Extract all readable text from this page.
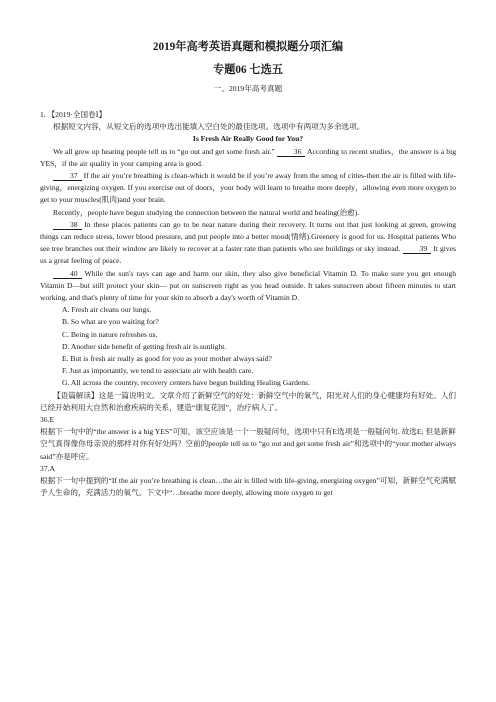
2019年高考英语真题和模拟题分项汇编
专题06 七选五
一、2019年高考真题

1. 【2019·全国卷Ⅰ】

根据短文内容，从短文后的选项中选出能填入空白处的最佳选项。选项中有两项为多余选项。

Is Fresh Air Really Good for You?

We all grew up hearing people tell us to “go out and get some fresh air.” 36 According to recent studies，the answer is a big YES，if the air quality in your camping area is good.

37 If the air you’re breathing is clean-which it would be if you’re away from the smog of cities-then the air is filled with life-giving，energizing oxygen. If you exercise out of doors，your body will learn to breathe more deeply，allowing even more oxygen to get to your muscles(肌肉)and your brain.

Recently，people have begun studying the connection between the natural world and healing(治愈).

38 In these places patients can go to be near nature during their recovery. It turns out that just looking at green, growing things can reduce stress, lower blood pressure, and put people into a better mood(情绪).Greenery is good for us. Hospital patients Who see tree branches out their window are likely to recover at a faster rate than patients who see buildings or sky instead. 39 It gives us a great feeling of peace.

40 While the sun's rays can age and harm our skin, they also give beneficial Vitamin D. To make sure you get enough Vitamin D—but still protect your skin— put on sunscreen right as you head outside. It takes sunscreen about fifteen minutes to start working, and that's plenty of time for your skin to absorb a day's worth of Vitamin D.

A. Fresh air cleans our lungs.

B. So what are you waiting for?

C. Being in nature refreshes us.

D. Another side benefit of getting fresh air is sunlight.

E. But is fresh air really as good for you as your mother always said?

F. Just as importantly, we tend to associate air with health care.

G. All across the country, recovery centers have begun building Healing Gardens.

【语篇解读】这是一篇说明文。文章介绍了新鲜空气的好处：新鲜空气中的氧气，阳光对人们的身心健康均有好处。人们已经开始利用大自然和治愈疾病的关系，建造“康复花园”，治疗病人了。

36.E

根据下一句中的“the answer is a big YES”可知，该空应该是一个一般疑问句，选项中只有E选项是一般疑问句. 故选E; 但是新鲜空气真得像你母亲说的那样对你有好处吗？空前的people tell us to “go out and get some fresh air”和选项中的“your mother always said”亦是呼应。

37.A

根据下一句中提到的“If the air you’re breathing is clean…the air is filled with life-giving, energizing oxygen”可知，新鲜空气充满赋予人生命的，充满活力的氧气。下文中“…breathe more deeply, allowing more oxygen to get
